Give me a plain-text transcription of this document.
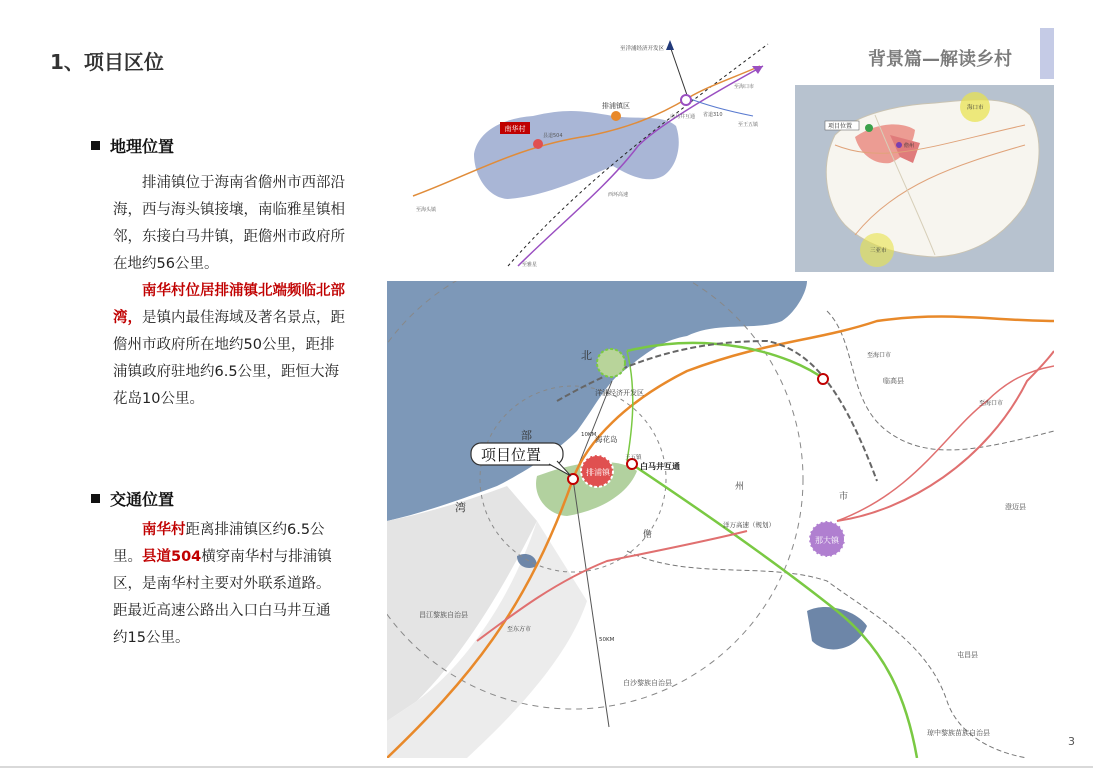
1、项目区位	背景篇—解读乡村
地理位置
排浦镇位于海南省儋州市西部沿海，西与海头镇接壤，南临雅星镇相邻，东接白马井镇，距儋州市政府所在地约56公里。
南华村位居排浦镇北端频临北部湾，是镇内最佳海域及著名景点，距儋州市政府所在地约50公里，距排浦镇政府驻地约6.5公里，距恒大海花岛10公里。
交通位置
南华村距离排浦镇区约6.5公里。县道504横穿南华村与排浦镇区，是南华村主要对外联系道路。距最近高速公路出入口白马井互通约15公里。
南华村
排浦镇区
至洋浦经济开发区
县道504
省道310
白马井互通
至海口市
至王五镇
至雅星
至海头镇
西环高速
项目位置
海口市
三亚市
儋州
项目位置
排浦镇
白马井互通
那大镇
洋浦经济开发区
海花岛
北
部
湾
儋
州
市
临高县
澄迈县
昌江黎族自治县
白沙黎族自治县
屯昌县
琼中黎族苗族自治县
至海口市
至海口市
至东方市
洋万高速（规划）
10KM
50KM
王五镇
3
